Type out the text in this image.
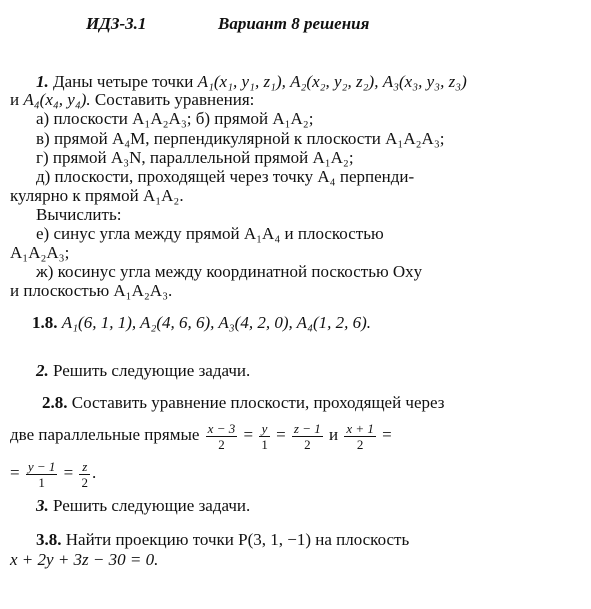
ИДЗ-3.1	Вариант 8 решения
1. Даны четыре точки A₁(x₁, y₁, z₁), A₂(x₂, y₂, z₂), A₃(x₃, y₃, z₃)
и A₄(x₄, y₄). Составить уравнения:
а) плоскости A₁A₂A₃; б) прямой A₁A₂;
в) прямой A₄M, перпендикулярной к плоскости A₁A₂A₃;
г) прямой A₃N, параллельной прямой A₁A₂;
д) плоскости, проходящей через точку A₄ перпенди-
кулярно к прямой A₁A₂.
Вычислить:
е) синус угла между прямой A₁A₄ и плоскостью
A₁A₂A₃;
ж) косинус угла между координатной поскостью Oxy
и плоскостью A₁A₂A₃.
1.8. A₁(6, 1, 1), A₂(4, 6, 6), A₃(4, 2, 0), A₄(1, 2, 6).
2. Решить следующие задачи.
2.8. Составить уравнение плоскости, проходящей через
две параллельные прямые $\frac{x - 3}{2} = \frac{y}{1} = \frac{z - 1}{2}$ и $\frac{x + 1}{2}$ =
= $\frac{y - 1}{1} = \frac{z}{2}$ .
3. Решить следующие задачи.
3.8. Найти проекцию точки P(3, 1, −1) на плоскость
x + 2y + 3z − 30 = 0.
